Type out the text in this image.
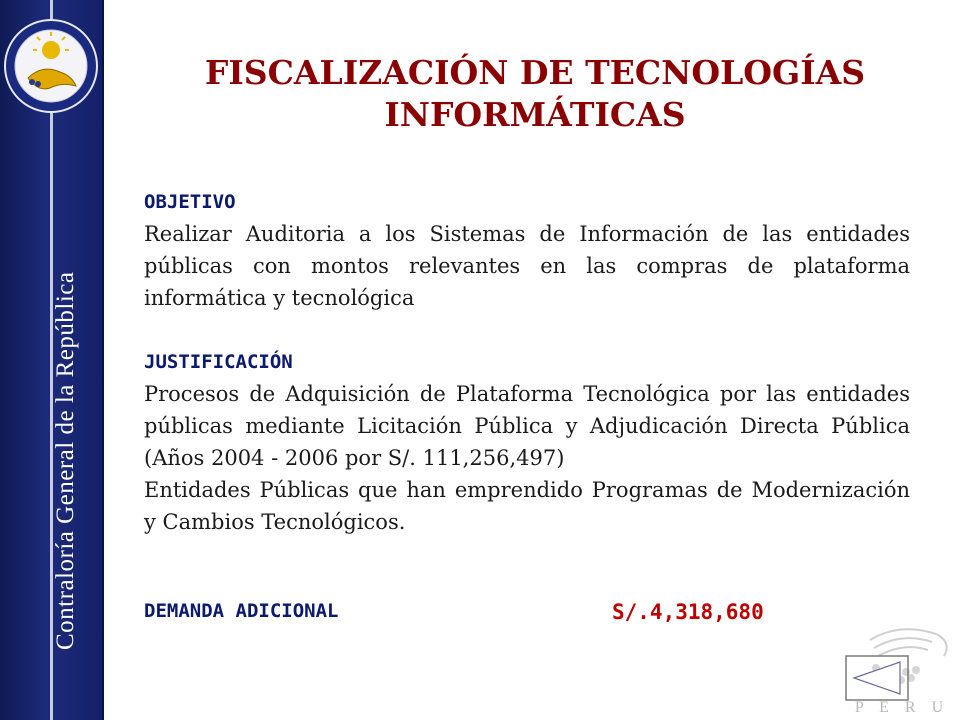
Contraloría General de la República
FISCALIZACIÓN DE TECNOLOGÍAS
INFORMÁTICAS
OBJETIVO

Realizar Auditoria a los Sistemas de Información de las entidades públicas con montos relevantes en las compras de plataforma informática y tecnológica

JUSTIFICACIÓN

Procesos de Adquisición de Plataforma Tecnológica por las entidades públicas mediante Licitación Pública y Adjudicación Directa Pública (Años 2004 - 2006 por S/. 111,256,497)

Entidades Públicas que han emprendido Programas de Modernización y Cambios Tecnológicos.

DEMANDA ADICIONAL	S/.4,318,680
P E R U
